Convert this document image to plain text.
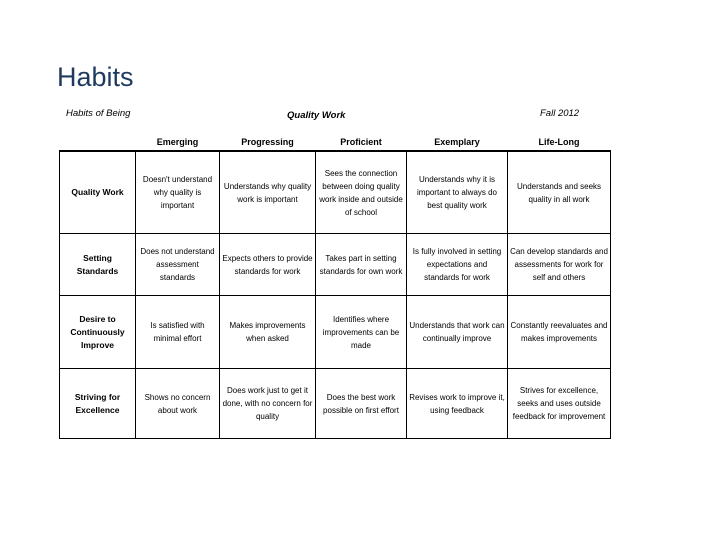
Habits
Habits of Being	Quality Work	Fall 2012
	Emerging	Progressing	Proficient	Exemplary	Life-Long
Quality Work	Doesn't understand why quality is important	Understands why quality work is important	Sees the connection between doing quality work inside and outside of school	Understands why it is important to always do best quality work	Understands and seeks quality in all work
Setting Standards	Does not understand assessment standards	Expects others to provide standards for work	Takes part in setting standards for own work	Is fully involved in setting expectations and standards for work	Can develop standards and assessments for work for self and others
Desire to Continuously Improve	Is satisfied with minimal effort	Makes improvements when asked	Identifies where improvements can be made	Understands that work can continually improve	Constantly reevaluates and makes improvements
Striving for Excellence	Shows no concern about work	Does work just to get it done, with no concern for quality	Does the best work possible on first effort	Revises work to improve it, using feedback	Strives for excellence, seeks and uses outside feedback for improvement
